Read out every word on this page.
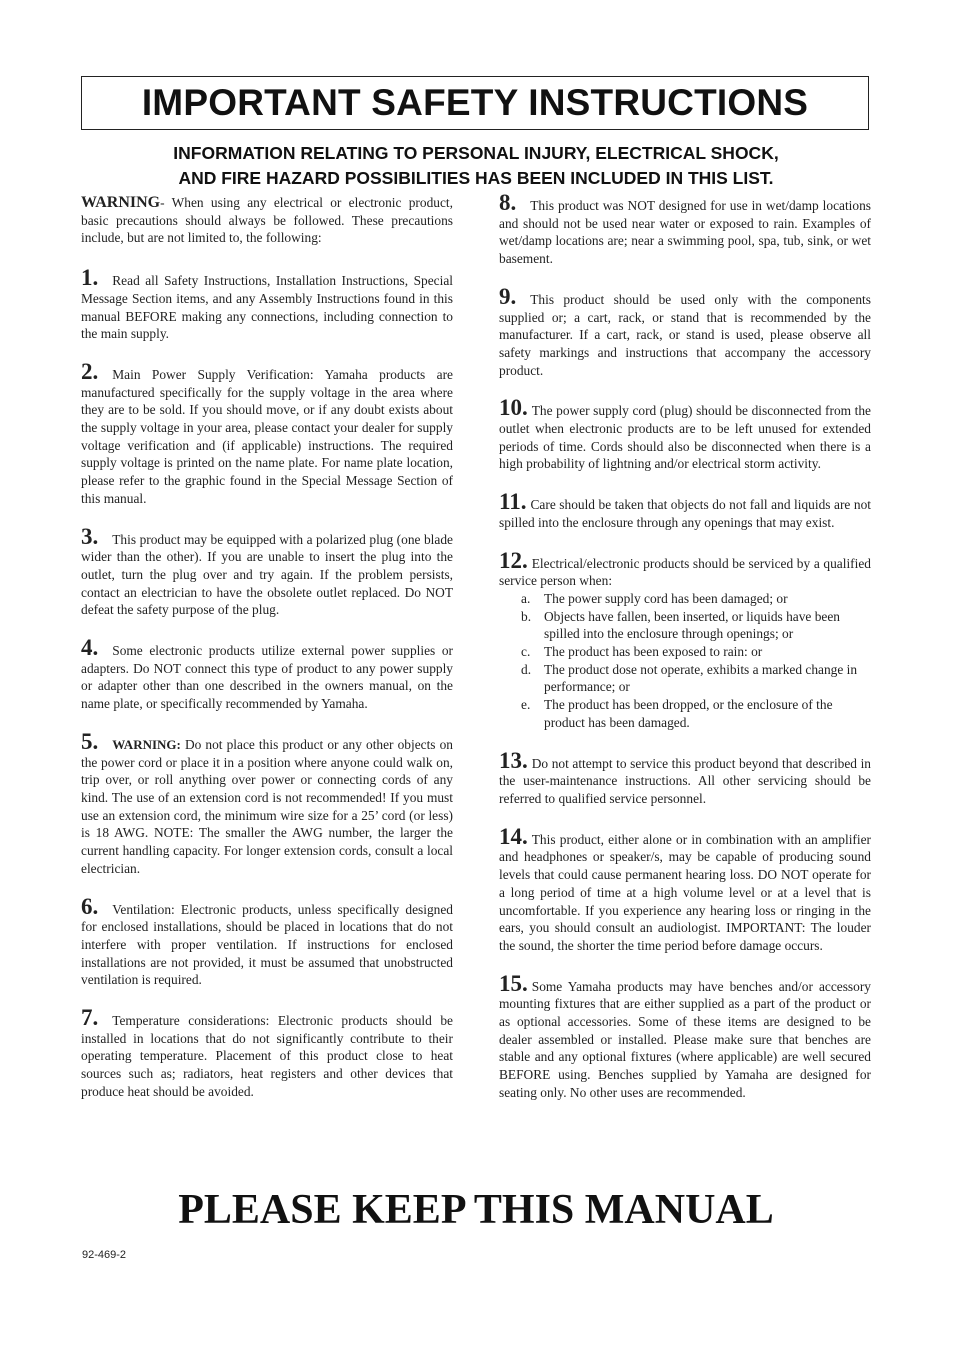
IMPORTANT SAFETY INSTRUCTIONS
INFORMATION RELATING TO PERSONAL INJURY, ELECTRICAL SHOCK,
AND FIRE HAZARD POSSIBILITIES HAS BEEN INCLUDED IN THIS LIST.
WARNING- When using any electrical or electronic product, basic precautions should always be followed. These precautions include, but are not limited to, the following:
1. Read all Safety Instructions, Installation Instructions, Special Message Section items, and any Assembly Instructions found in this manual BEFORE making any connections, including connection to the main supply.
2. Main Power Supply Verification: Yamaha products are manufactured specifically for the supply voltage in the area where they are to be sold. If you should move, or if any doubt exists about the supply voltage in your area, please contact your dealer for supply voltage verification and (if applicable) instructions. The required supply voltage is printed on the name plate. For name plate location, please refer to the graphic found in the Special Message Section of this manual.
3. This product may be equipped with a polarized plug (one blade wider than the other). If you are unable to insert the plug into the outlet, turn the plug over and try again. If the problem persists, contact an electrician to have the obsolete outlet replaced. Do NOT defeat the safety purpose of the plug.
4. Some electronic products utilize external power supplies or adapters. Do NOT connect this type of product to any power supply or adapter other than one described in the owners manual, on the name plate, or specifically recommended by Yamaha.
5. WARNING: Do not place this product or any other objects on the power cord or place it in a position where anyone could walk on, trip over, or roll anything over power or connecting cords of any kind. The use of an extension cord is not recommended! If you must use an extension cord, the minimum wire size for a 25’ cord (or less) is 18 AWG. NOTE: The smaller the AWG number, the larger the current handling capacity. For longer extension cords, consult a local electrician.
6. Ventilation: Electronic products, unless specifically designed for enclosed installations, should be placed in locations that do not interfere with proper ventilation. If instructions for enclosed installations are not provided, it must be assumed that unobstructed ventilation is required.
7. Temperature considerations: Electronic products should be installed in locations that do not significantly contribute to their operating temperature. Placement of this product close to heat sources such as; radiators, heat registers and other devices that produce heat should be avoided.
8. This product was NOT designed for use in wet/damp locations and should not be used near water or exposed to rain. Examples of wet/damp locations are; near a swimming pool, spa, tub, sink, or wet basement.
9. This product should be used only with the components supplied or; a cart, rack, or stand that is recommended by the manufacturer. If a cart, rack, or stand is used, please observe all safety markings and instructions that accompany the accessory product.
10. The power supply cord (plug) should be disconnected from the outlet when electronic products are to be left unused for extended periods of time. Cords should also be disconnected when there is a high probability of lightning and/or electrical storm activity.
11. Care should be taken that objects do not fall and liquids are not spilled into the enclosure through any openings that may exist.
12. Electrical/electronic products should be serviced by a qualified service person when:
a. The power supply cord has been damaged; or
b. Objects have fallen, been inserted, or liquids have been spilled into the enclosure through openings; or
c. The product has been exposed to rain: or
d. The product dose not operate, exhibits a marked change in performance; or
e. The product has been dropped, or the enclosure of the product has been damaged.
13. Do not attempt to service this product beyond that described in the user-maintenance instructions. All other servicing should be referred to qualified service personnel.
14. This product, either alone or in combination with an amplifier and headphones or speaker/s, may be capable of producing sound levels that could cause permanent hearing loss. DO NOT operate for a long period of time at a high volume level or at a level that is uncomfortable. If you experience any hearing loss or ringing in the ears, you should consult an audiologist. IMPORTANT: The louder the sound, the shorter the time period before damage occurs.
15. Some Yamaha products may have benches and/or accessory mounting fixtures that are either supplied as a part of the product or as optional accessories. Some of these items are designed to be dealer assembled or installed. Please make sure that benches are stable and any optional fixtures (where applicable) are well secured BEFORE using. Benches supplied by Yamaha are designed for seating only. No other uses are recommended.
PLEASE KEEP THIS MANUAL
92-469-2
